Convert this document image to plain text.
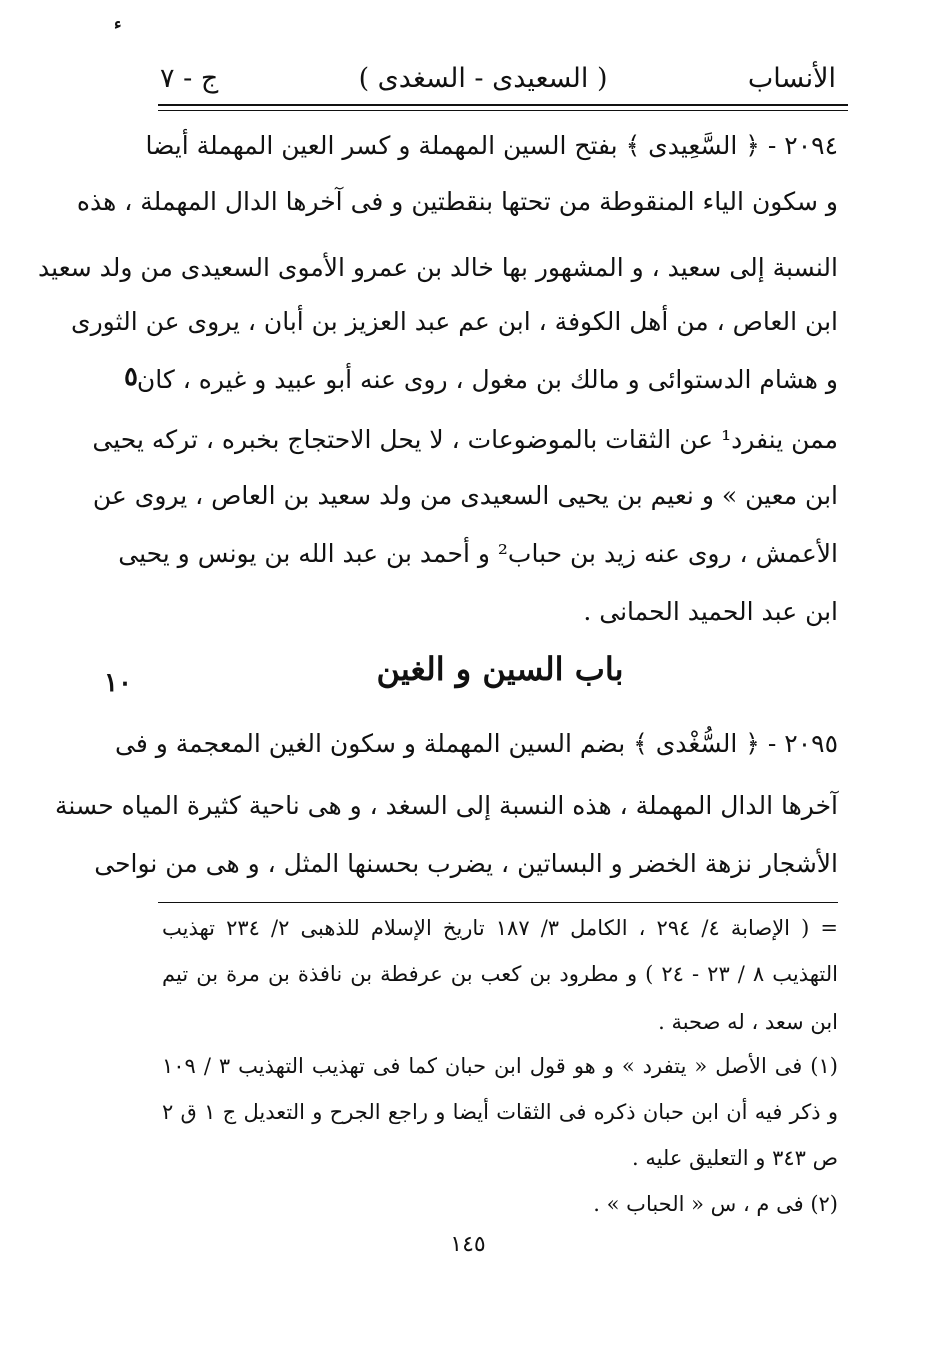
ء
الأنساب
( السعيدى - السغدى )
ج - ٧
٢٠٩٤ - ﴿ السَّعِيدى ﴾ بفتح السين المهملة و كسر العين المهملة أيضا
و سكون الياء المنقوطة من تحتها بنقطتين و فى آخرها الدال المهملة ، هذه
النسبة إلى سعيد ، و المشهور بها خالد بن عمرو الأموى السعيدى من ولد سعيد
ابن العاص ، من أهل الكوفة ، ابن عم عبد العزيز بن أبان ، يروى عن الثورى
و هشام الدستوائى و مالك بن مغول ، روى عنه أبو عبيد و غيره ، كان
٥
ممن ينفرد¹ عن الثقات بالموضوعات ، لا يحل الاحتجاج بخبره ، تركه يحيى
ابن معين » و نعيم بن يحيى السعيدى من ولد سعيد بن العاص ، يروى عن
الأعمش ، روى عنه زيد بن حباب² و أحمد بن عبد الله بن يونس و يحيى
ابن عبد الحميد الحمانى .
باب السين و الغين
١٠
٢٠٩٥ - ﴿ السُّغْدى ﴾ بضم السين المهملة و سكون الغين المعجمة و فى
آخرها الدال المهملة ، هذه النسبة إلى السغد ، و هى ناحية كثيرة المياه حسنة
الأشجار نزهة الخضر و البساتين ، يضرب بحسنها المثل ، و هى من نواحى
= ( الإصابة ٤/ ٢٩٤ ، الكامل ٣/ ١٨٧ تاريخ الإسلام للذهبى ٢/ ٢٣٤ تهذيب
التهذيب ٨ / ٢٣ - ٢٤ ) و مطرود بن كعب بن عرفطة بن نافذة بن مرة بن تيم
ابن سعد ، له صحبة .
(١) فى الأصل « يتفرد » و هو قول ابن حبان كما فى تهذيب التهذيب ٣ / ١٠٩
و ذكر فيه أن ابن حبان ذكره فى الثقات أيضا و راجع الجرح و التعديل ج ١ ق ٢
ص ٣٤٣ و التعليق عليه .
(٢) فى م ، س « الحباب » .
١٤٥
